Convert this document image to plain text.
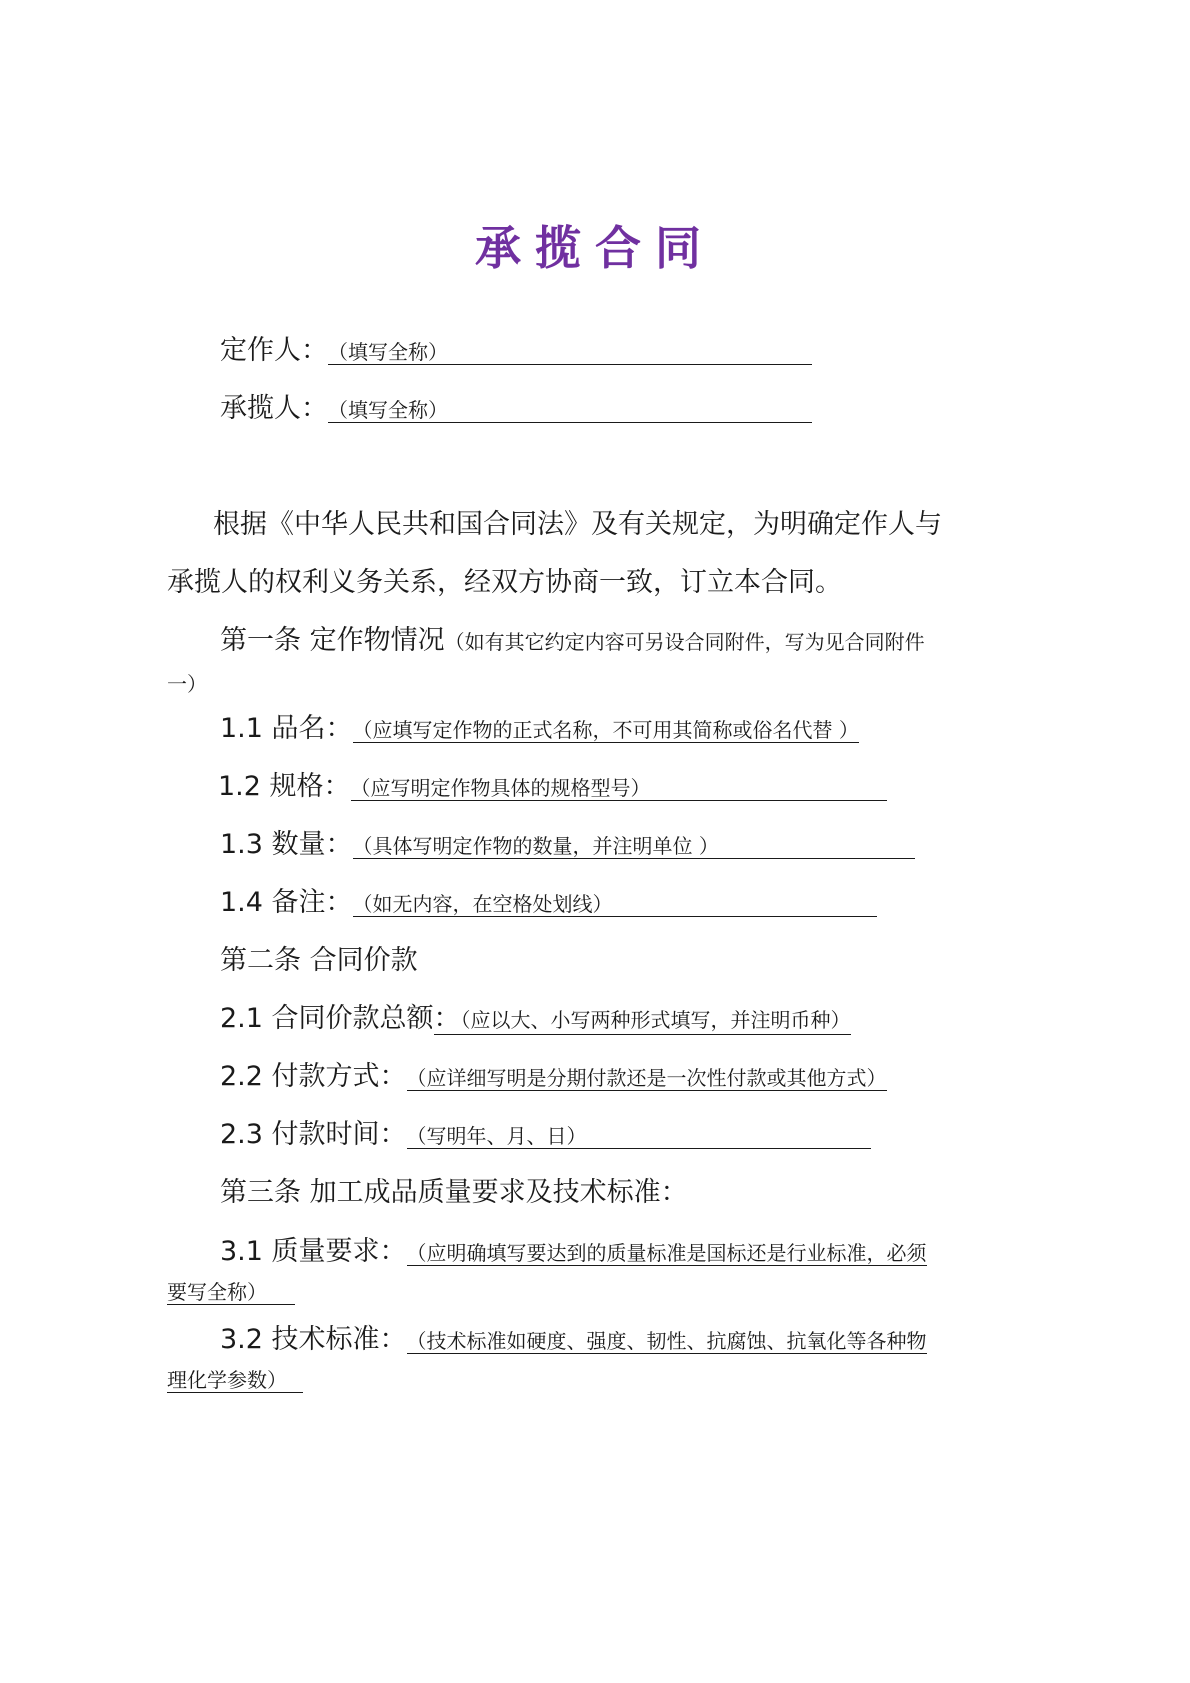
承揽合同
定作人：（填写全称）
承揽人：（填写全称）
根据《中华人民共和国合同法》及有关规定，为明确定作人与
承揽人的权利义务关系，经双方协商一致，订立本合同。
第一条 定作物情况（如有其它约定内容可另设合同附件，写为见合同附件
一）
1.1 品名：（应填写定作物的正式名称，不可用其简称或俗名代替 ）
1.2 规格：（应写明定作物具体的规格型号）
1.3 数量：（具体写明定作物的数量，并注明单位 ）
1.4 备注：（如无内容，在空格处划线）
第二条 合同价款
2.1 合同价款总额：（应以大、小写两种形式填写，并注明币种）
2.2 付款方式：（应详细写明是分期付款还是一次性付款或其他方式）
2.3 付款时间：（写明年、月、日）
第三条 加工成品质量要求及技术标准：
3.1 质量要求：（应明确填写要达到的质量标准是国标还是行业标准，必须
要写全称）
3.2 技术标准：（技术标准如硬度、强度、韧性、抗腐蚀、抗氧化等各种物
理化学参数）
